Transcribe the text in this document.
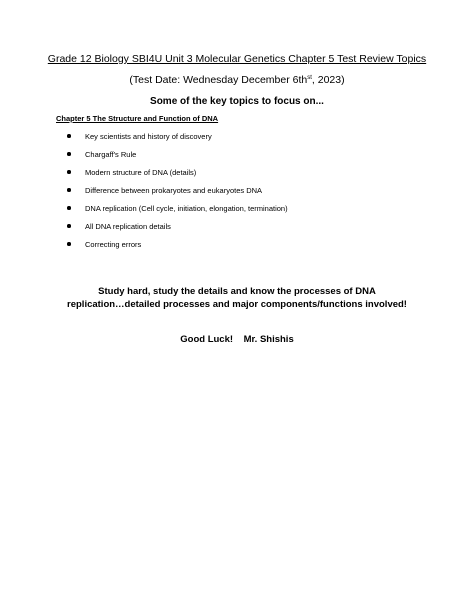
Grade 12 Biology SBI4U Unit 3 Molecular Genetics Chapter 5 Test Review Topics
(Test Date: Wednesday December $6th^{st}$, 2023)
Some of the key topics to focus on...
Chapter 5 The Structure and Function of DNA
Key scientists and history of discovery
Chargaff's Rule
Modern structure of DNA (details)
Difference between prokaryotes and eukaryotes DNA
DNA replication (Cell cycle, initiation, elongation, termination)
All DNA replication details
Correcting errors
Study hard, study the details and know the processes of DNA
replication…detailed processes and major components/functions involved!
Good Luck!    Mr. Shishis
